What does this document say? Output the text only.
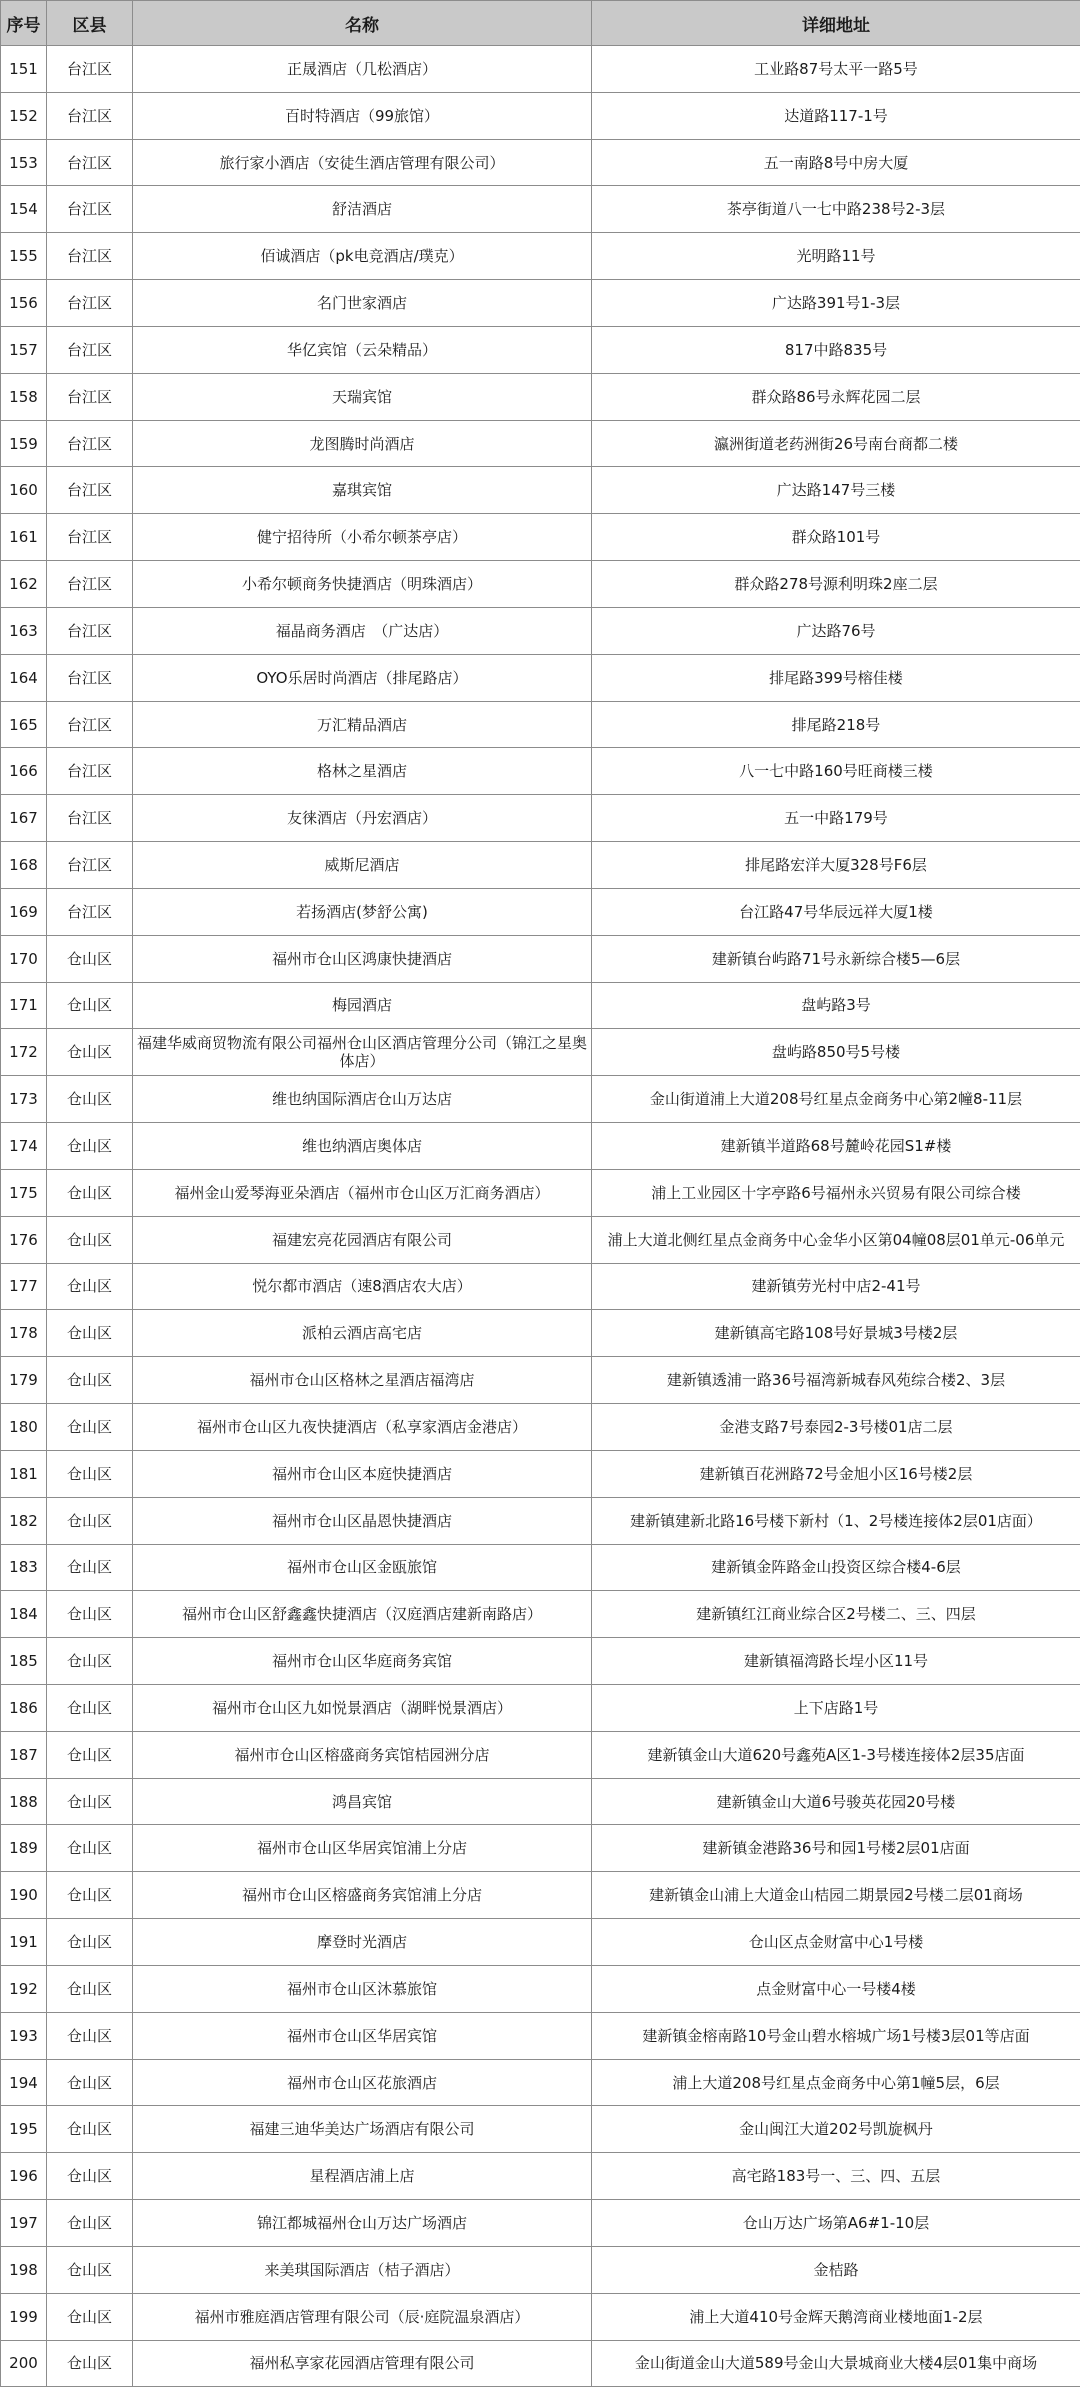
序号	区县	名称	详细地址
151	台江区	正晟酒店（几松酒店）	工业路87号太平一路5号
152	台江区	百时特酒店（99旅馆）	达道路117-1号
153	台江区	旅行家小酒店（安徒生酒店管理有限公司）	五一南路8号中房大厦
154	台江区	舒洁酒店	茶亭街道八一七中路238号2-3层
155	台江区	佰诚酒店（pk电竞酒店/璞克）	光明路11号
156	台江区	名门世家酒店	广达路391号1-3层
157	台江区	华亿宾馆（云朵精品）	817中路835号
158	台江区	天瑞宾馆	群众路86号永辉花园二层
159	台江区	龙图腾时尚酒店	瀛洲街道老药洲街26号南台商都二楼
160	台江区	嘉琪宾馆	广达路147号三楼
161	台江区	健宁招待所（小希尔顿茶亭店）	群众路101号
162	台江区	小希尔顿商务快捷酒店（明珠酒店）	群众路278号源利明珠2座二层
163	台江区	福晶商务酒店　（广达店）	广达路76号
164	台江区	OYO乐居时尚酒店（排尾路店）	排尾路399号榕佳楼
165	台江区	万汇精品酒店	排尾路218号
166	台江区	格林之星酒店	八一七中路160号旺商楼三楼
167	台江区	友徕酒店（丹宏酒店）	五一中路179号
168	台江区	威斯尼酒店	排尾路宏洋大厦328号F6层
169	台江区	若扬酒店(梦舒公寓)	台江路47号华辰远祥大厦1楼
170	仓山区	福州市仓山区鸿康快捷酒店	建新镇台屿路71号永新综合楼5—6层
171	仓山区	梅园酒店	盘屿路3号
172	仓山区	福建华威商贸物流有限公司福州仓山区酒店管理分公司（锦江之星奥体店）	盘屿路850号5号楼
173	仓山区	维也纳国际酒店仓山万达店	金山街道浦上大道208号红星点金商务中心第2幢8-11层
174	仓山区	维也纳酒店奥体店	建新镇半道路68号麓岭花园S1#楼
175	仓山区	福州金山爱琴海亚朵酒店（福州市仓山区万汇商务酒店）	浦上工业园区十字亭路6号福州永兴贸易有限公司综合楼
176	仓山区	福建宏亮花园酒店有限公司	浦上大道北侧红星点金商务中心金华小区第04幢08层01单元-06单元
177	仓山区	悦尔都市酒店（速8酒店农大店）	建新镇劳光村中店2-41号
178	仓山区	派柏云酒店高宅店	建新镇高宅路108号好景城3号楼2层
179	仓山区	福州市仓山区格林之星酒店福湾店	建新镇透浦一路36号福湾新城春风苑综合楼2、3层
180	仓山区	福州市仓山区九夜快捷酒店（私享家酒店金港店）	金港支路7号泰园2-3号楼01店二层
181	仓山区	福州市仓山区本庭快捷酒店	建新镇百花洲路72号金旭小区16号楼2层
182	仓山区	福州市仓山区晶恩快捷酒店	建新镇建新北路16号楼下新村（1、2号楼连接体2层01店面）
183	仓山区	福州市仓山区金瓯旅馆	建新镇金阵路金山投资区综合楼4-6层
184	仓山区	福州市仓山区舒鑫鑫快捷酒店（汉庭酒店建新南路店）	建新镇红江商业综合区2号楼二、三、四层
185	仓山区	福州市仓山区华庭商务宾馆	建新镇福湾路长埕小区11号
186	仓山区	福州市仓山区九如悦景酒店（湖畔悦景酒店）	上下店路1号
187	仓山区	福州市仓山区榕盛商务宾馆桔园洲分店	建新镇金山大道620号鑫苑A区1-3号楼连接体2层35店面
188	仓山区	鸿昌宾馆	建新镇金山大道6号骏英花园20号楼
189	仓山区	福州市仓山区华居宾馆浦上分店	建新镇金港路36号和园1号楼2层01店面
190	仓山区	福州市仓山区榕盛商务宾馆浦上分店	建新镇金山浦上大道金山桔园二期景园2号楼二层01商场
191	仓山区	摩登时光酒店	仓山区点金财富中心1号楼
192	仓山区	福州市仓山区沐慕旅馆	点金财富中心一号楼4楼
193	仓山区	福州市仓山区华居宾馆	建新镇金榕南路10号金山碧水榕城广场1号楼3层01等店面
194	仓山区	福州市仓山区花旅酒店	浦上大道208号红星点金商务中心第1幢5层，6层
195	仓山区	福建三迪华美达广场酒店有限公司	金山闽江大道202号凯旋枫丹
196	仓山区	星程酒店浦上店	高宅路183号一、三、四、五层
197	仓山区	锦江都城福州仓山万达广场酒店	仓山万达广场第A6#1-10层
198	仓山区	来美琪国际酒店（桔子酒店）	金桔路
199	仓山区	福州市雅庭酒店管理有限公司（辰·庭院温泉酒店）	浦上大道410号金辉天鹅湾商业楼地面1-2层
200	仓山区	福州私享家花园酒店管理有限公司	金山街道金山大道589号金山大景城商业大楼4层01集中商场
